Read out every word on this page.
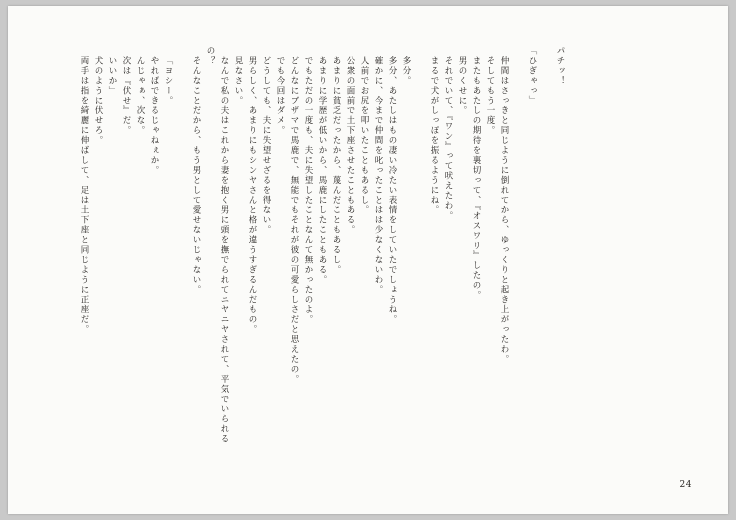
両手は指を綺麗に伸ばして、足は土下座と同じように正座だ。 犬のように伏せろ。 いいか」 次は『伏せ』だ。 んじゃぁ、次な。 やればできるじゃねぇか。 「ヨシー。	そんなことだから、もう男として愛せないじゃない。
の？
なんで私の夫はこれから妻を抱く男に頭を撫でられてニヤニヤされて、平気でいられる 見なさい。 男らしく、あまりにもシンヤさんと格が違うすぎるんだもの。 どうしても、夫に失望せざるを得ない。 でも今回はダメ。 どんなにブザマで馬鹿で、無能でもそれが彼の可愛らしさだと思えたの。 でもただの一度も、夫に失望したことなんて無かったのよ。 あまりに学歴が低いから、馬鹿にしたこともある。 あまりに貧乏だったから、蔑んだこともあるし。 公衆の面前で土下座させたこともある。 人前でお尻を叩いたこともあるし。 確かに、今まで仲間を叱ったことはは少なくないわ。 多分、あたしはもの凄い冷たい表情をしていたでしょうね。 多分。	まるで犬がしっぽを振るようにね。 それでいて、『ワン』って吠えたわ。 男のくせに。 またもあたしの期待を裏切って、『オスワリ』したの。 そしてもう一度。 仲間はさっきと同じように倒れてから、ゆっくりと起き上がったわ。	「ひぎゃっ」	パチッ！
24
